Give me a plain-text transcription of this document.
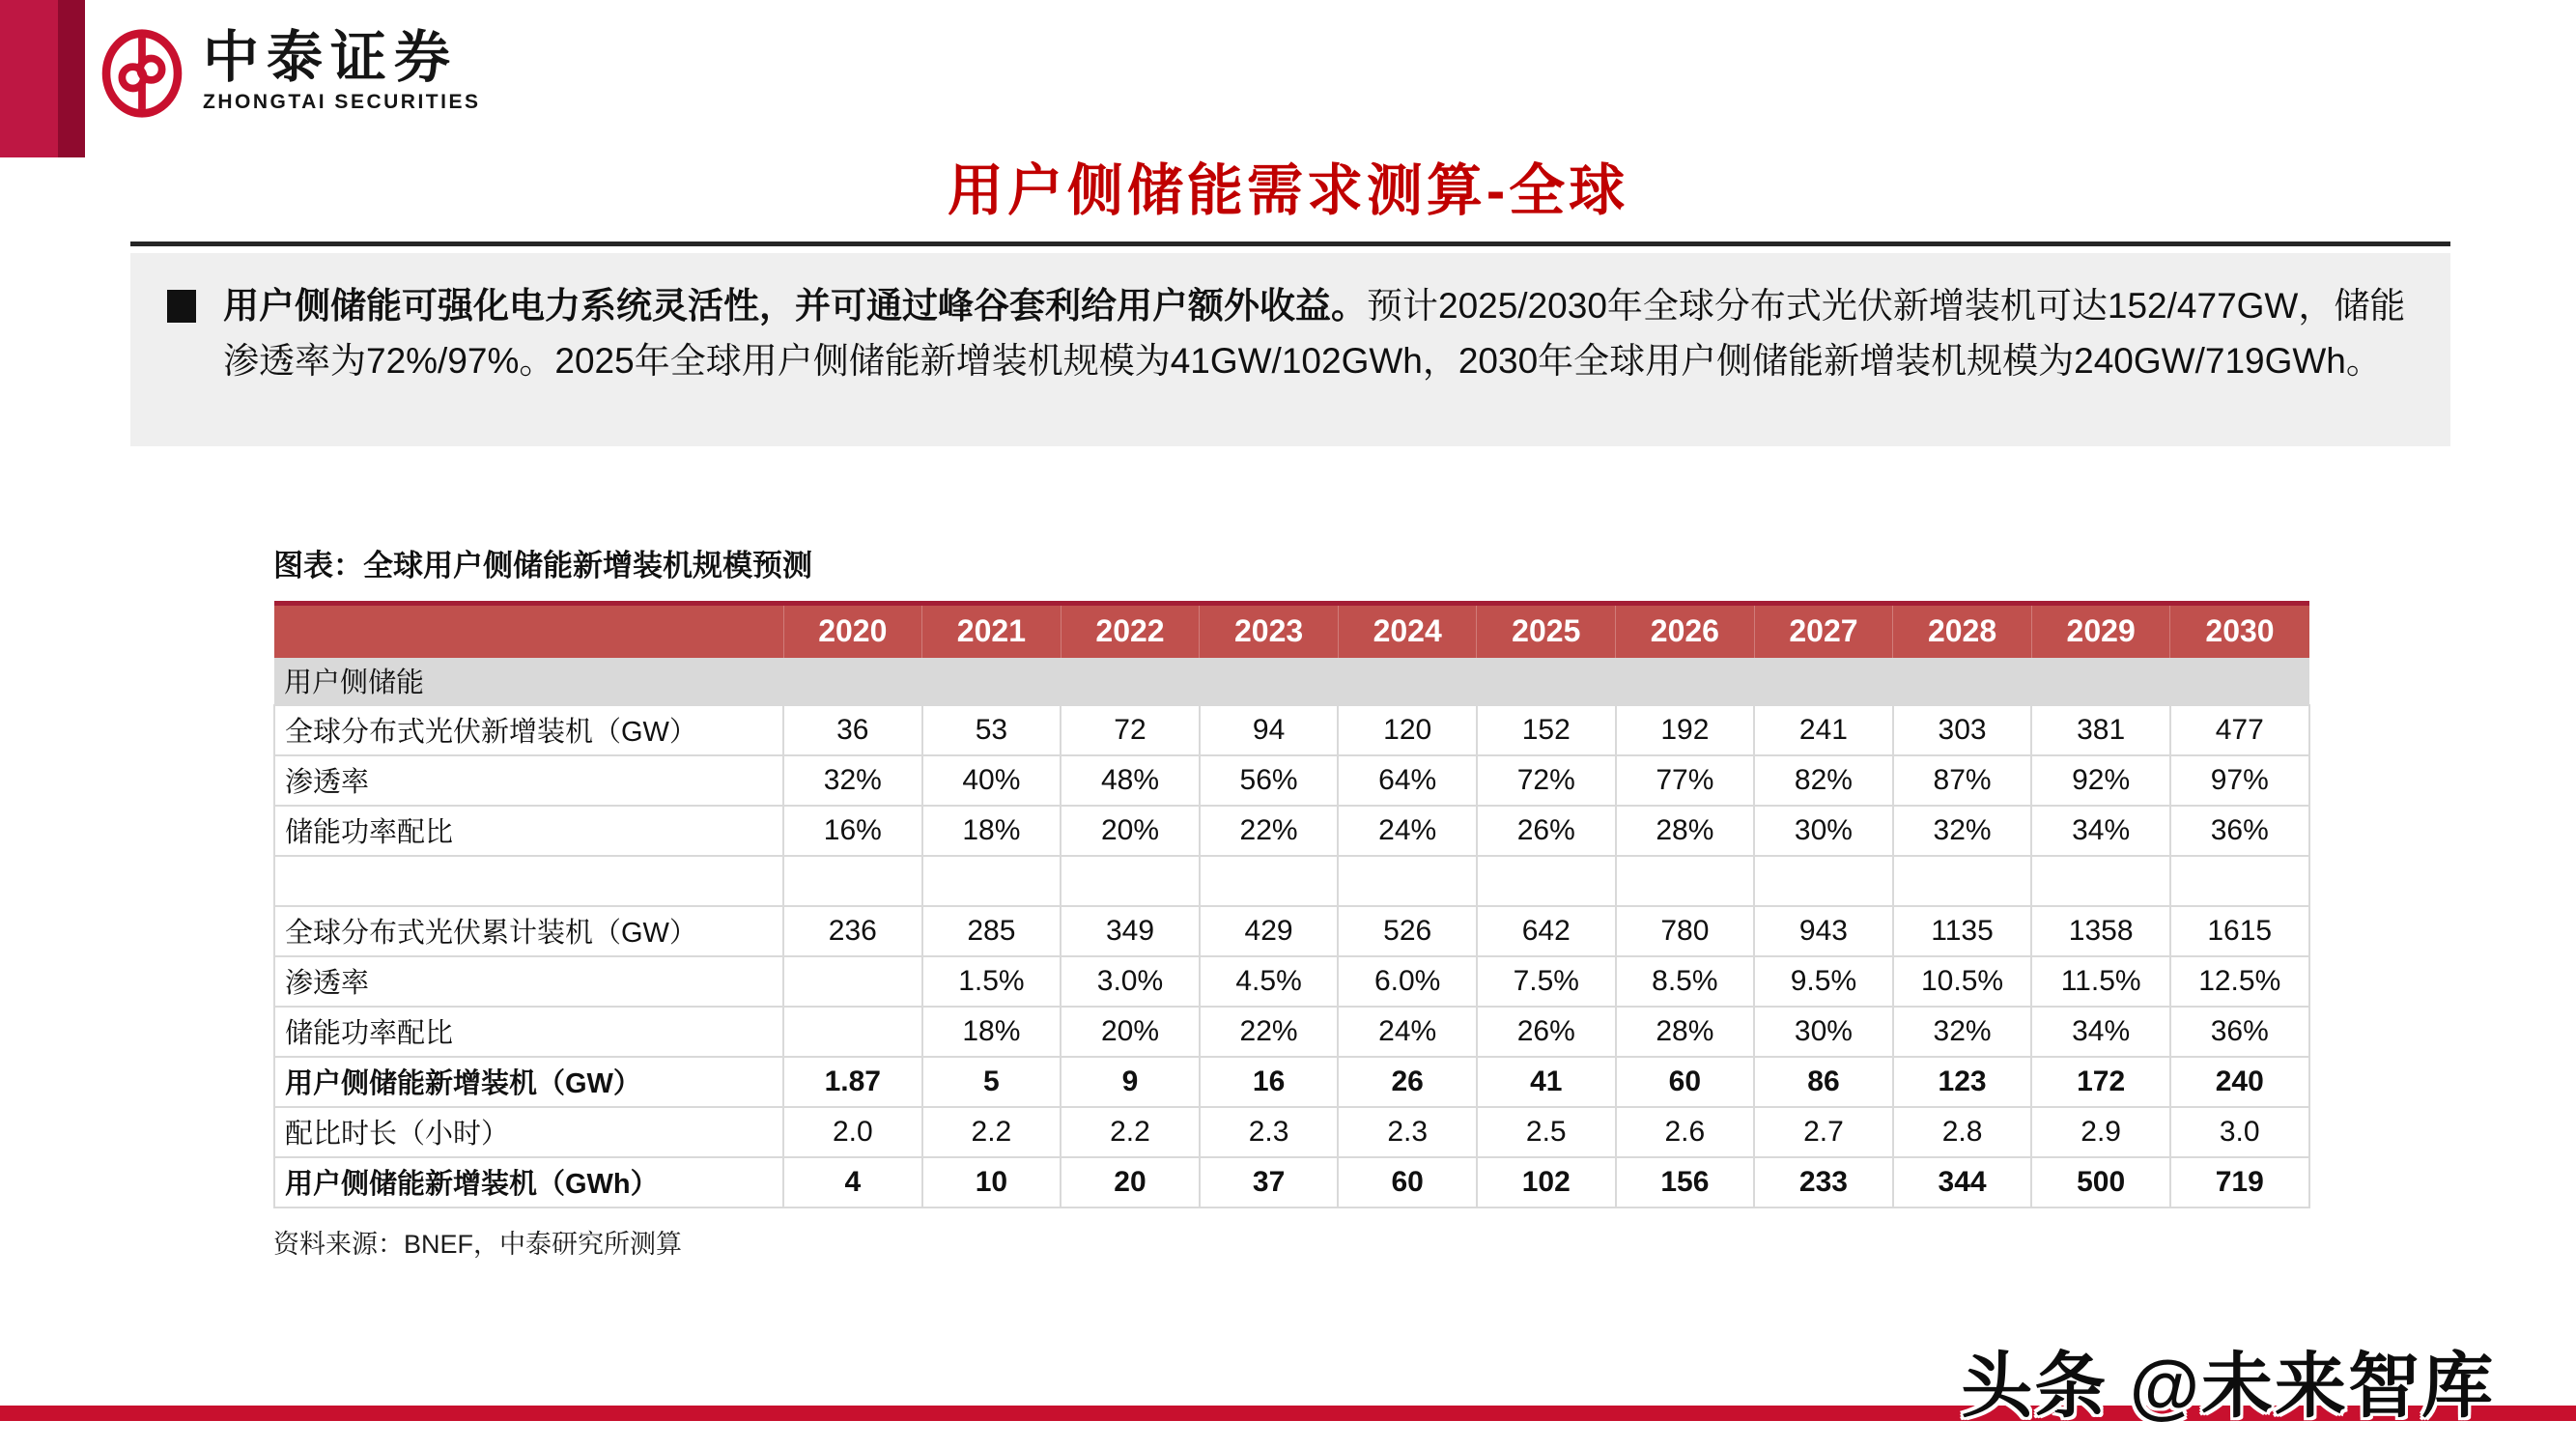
中泰证券
ZHONGTAI SECURITIES
用户侧储能需求测算-全球
用户侧储能可强化电力系统灵活性，并可通过峰谷套利给用户额外收益。预计2025/2030年全球分布式光伏新增装机可达152/477GW，储能渗透率为72%/97%。2025年全球用户侧储能新增装机规模为41GW/102GWh，2030年全球用户侧储能新增装机规模为240GW/719GWh。
图表：全球用户侧储能新增装机规模预测
	2020	2021	2022	2023	2024	2025	2026	2027	2028	2029	2030
用户侧储能											
全球分布式光伏新增装机（GW）	36	53	72	94	120	152	192	241	303	381	477
渗透率	32%	40%	48%	56%	64%	72%	77%	82%	87%	92%	97%
储能功率配比	16%	18%	20%	22%	24%	26%	28%	30%	32%	34%	36%

全球分布式光伏累计装机（GW）	236	285	349	429	526	642	780	943	1135	1358	1615
渗透率		1.5%	3.0%	4.5%	6.0%	7.5%	8.5%	9.5%	10.5%	11.5%	12.5%
储能功率配比		18%	20%	22%	24%	26%	28%	30%	32%	34%	36%
用户侧储能新增装机（GW）	1.87	5	9	16	26	41	60	86	123	172	240
配比时长（小时）	2.0	2.2	2.2	2.3	2.3	2.5	2.6	2.7	2.8	2.9	3.0
用户侧储能新增装机（GWh）	4	10	20	37	60	102	156	233	344	500	719
资料来源：BNEF，中泰研究所测算
头条 @未来智库
